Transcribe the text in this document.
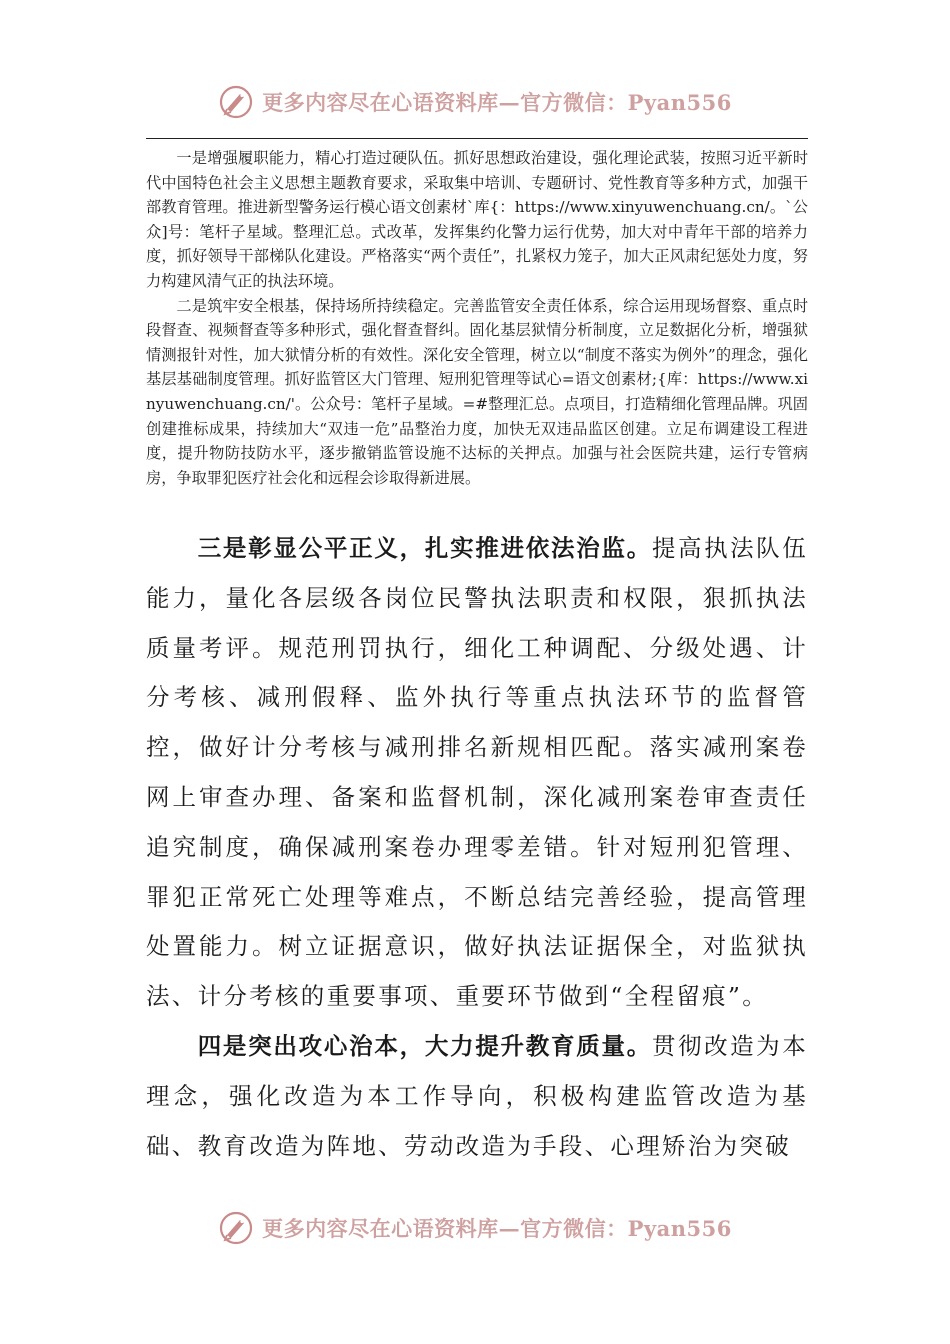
更多内容尽在心语资料库—官方微信：Pyan556

一是增强履职能力，精心打造过硬队伍。抓好思想政治建设，强化理论武装，按照习近平新时代中国特色社会主义思想主题教育要求，采取集中培训、专题研讨、党性教育等多种方式，加强干部教育管理。推进新型警务运行模心语文创素材`库{：https://www.xinyuwenchuang.cn/。`公众]号：笔杆子星域。整理汇总。式改革，发挥集约化警力运行优势，加大对中青年干部的培养力度，抓好领导干部梯队化建设。严格落实“两个责任”，扎紧权力笼子，加大正风肃纪惩处力度，努力构建风清气正的执法环境。

二是筑牢安全根基，保持场所持续稳定。完善监管安全责任体系，综合运用现场督察、重点时段督查、视频督查等多种形式，强化督查督纠。固化基层狱情分析制度，立足数据化分析，增强狱情测报针对性，加大狱情分析的有效性。深化安全管理，树立以“制度不落实为例外”的理念，强化基层基础制度管理。抓好监管区大门管理、短刑犯管理等试心=语文创素材;{库：https://www.xinyuwenchuang.cn/'。公众号：笔杆子星域。=#整理汇总。点项目，打造精细化管理品牌。巩固创建推标成果，持续加大“双违一危”品整治力度，加快无双违品监区创建。立足布调建设工程进度，提升物防技防水平，逐步撤销监管设施不达标的关押点。加强与社会医院共建，运行专管病房，争取罪犯医疗社会化和远程会诊取得新进展。

三是彰显公平正义，扎实推进依法治监。提高执法队伍能力，量化各层级各岗位民警执法职责和权限，狠抓执法质量考评。规范刑罚执行，细化工种调配、分级处遇、计分考核、减刑假释、监外执行等重点执法环节的监督管控，做好计分考核与减刑排名新规相匹配。落实减刑案卷网上审查办理、备案和监督机制，深化减刑案卷审查责任追究制度，确保减刑案卷办理零差错。针对短刑犯管理、罪犯正常死亡处理等难点，不断总结完善经验，提高管理处置能力。树立证据意识，做好执法证据保全，对监狱执法、计分考核的重要事项、重要环节做到“全程留痕”。

四是突出攻心治本，大力提升教育质量。贯彻改造为本理念，强化改造为本工作导向，积极构建监管改造为基础、教育改造为阵地、劳动改造为手段、心理矫治为突破

更多内容尽在心语资料库—官方微信：Pyan556
